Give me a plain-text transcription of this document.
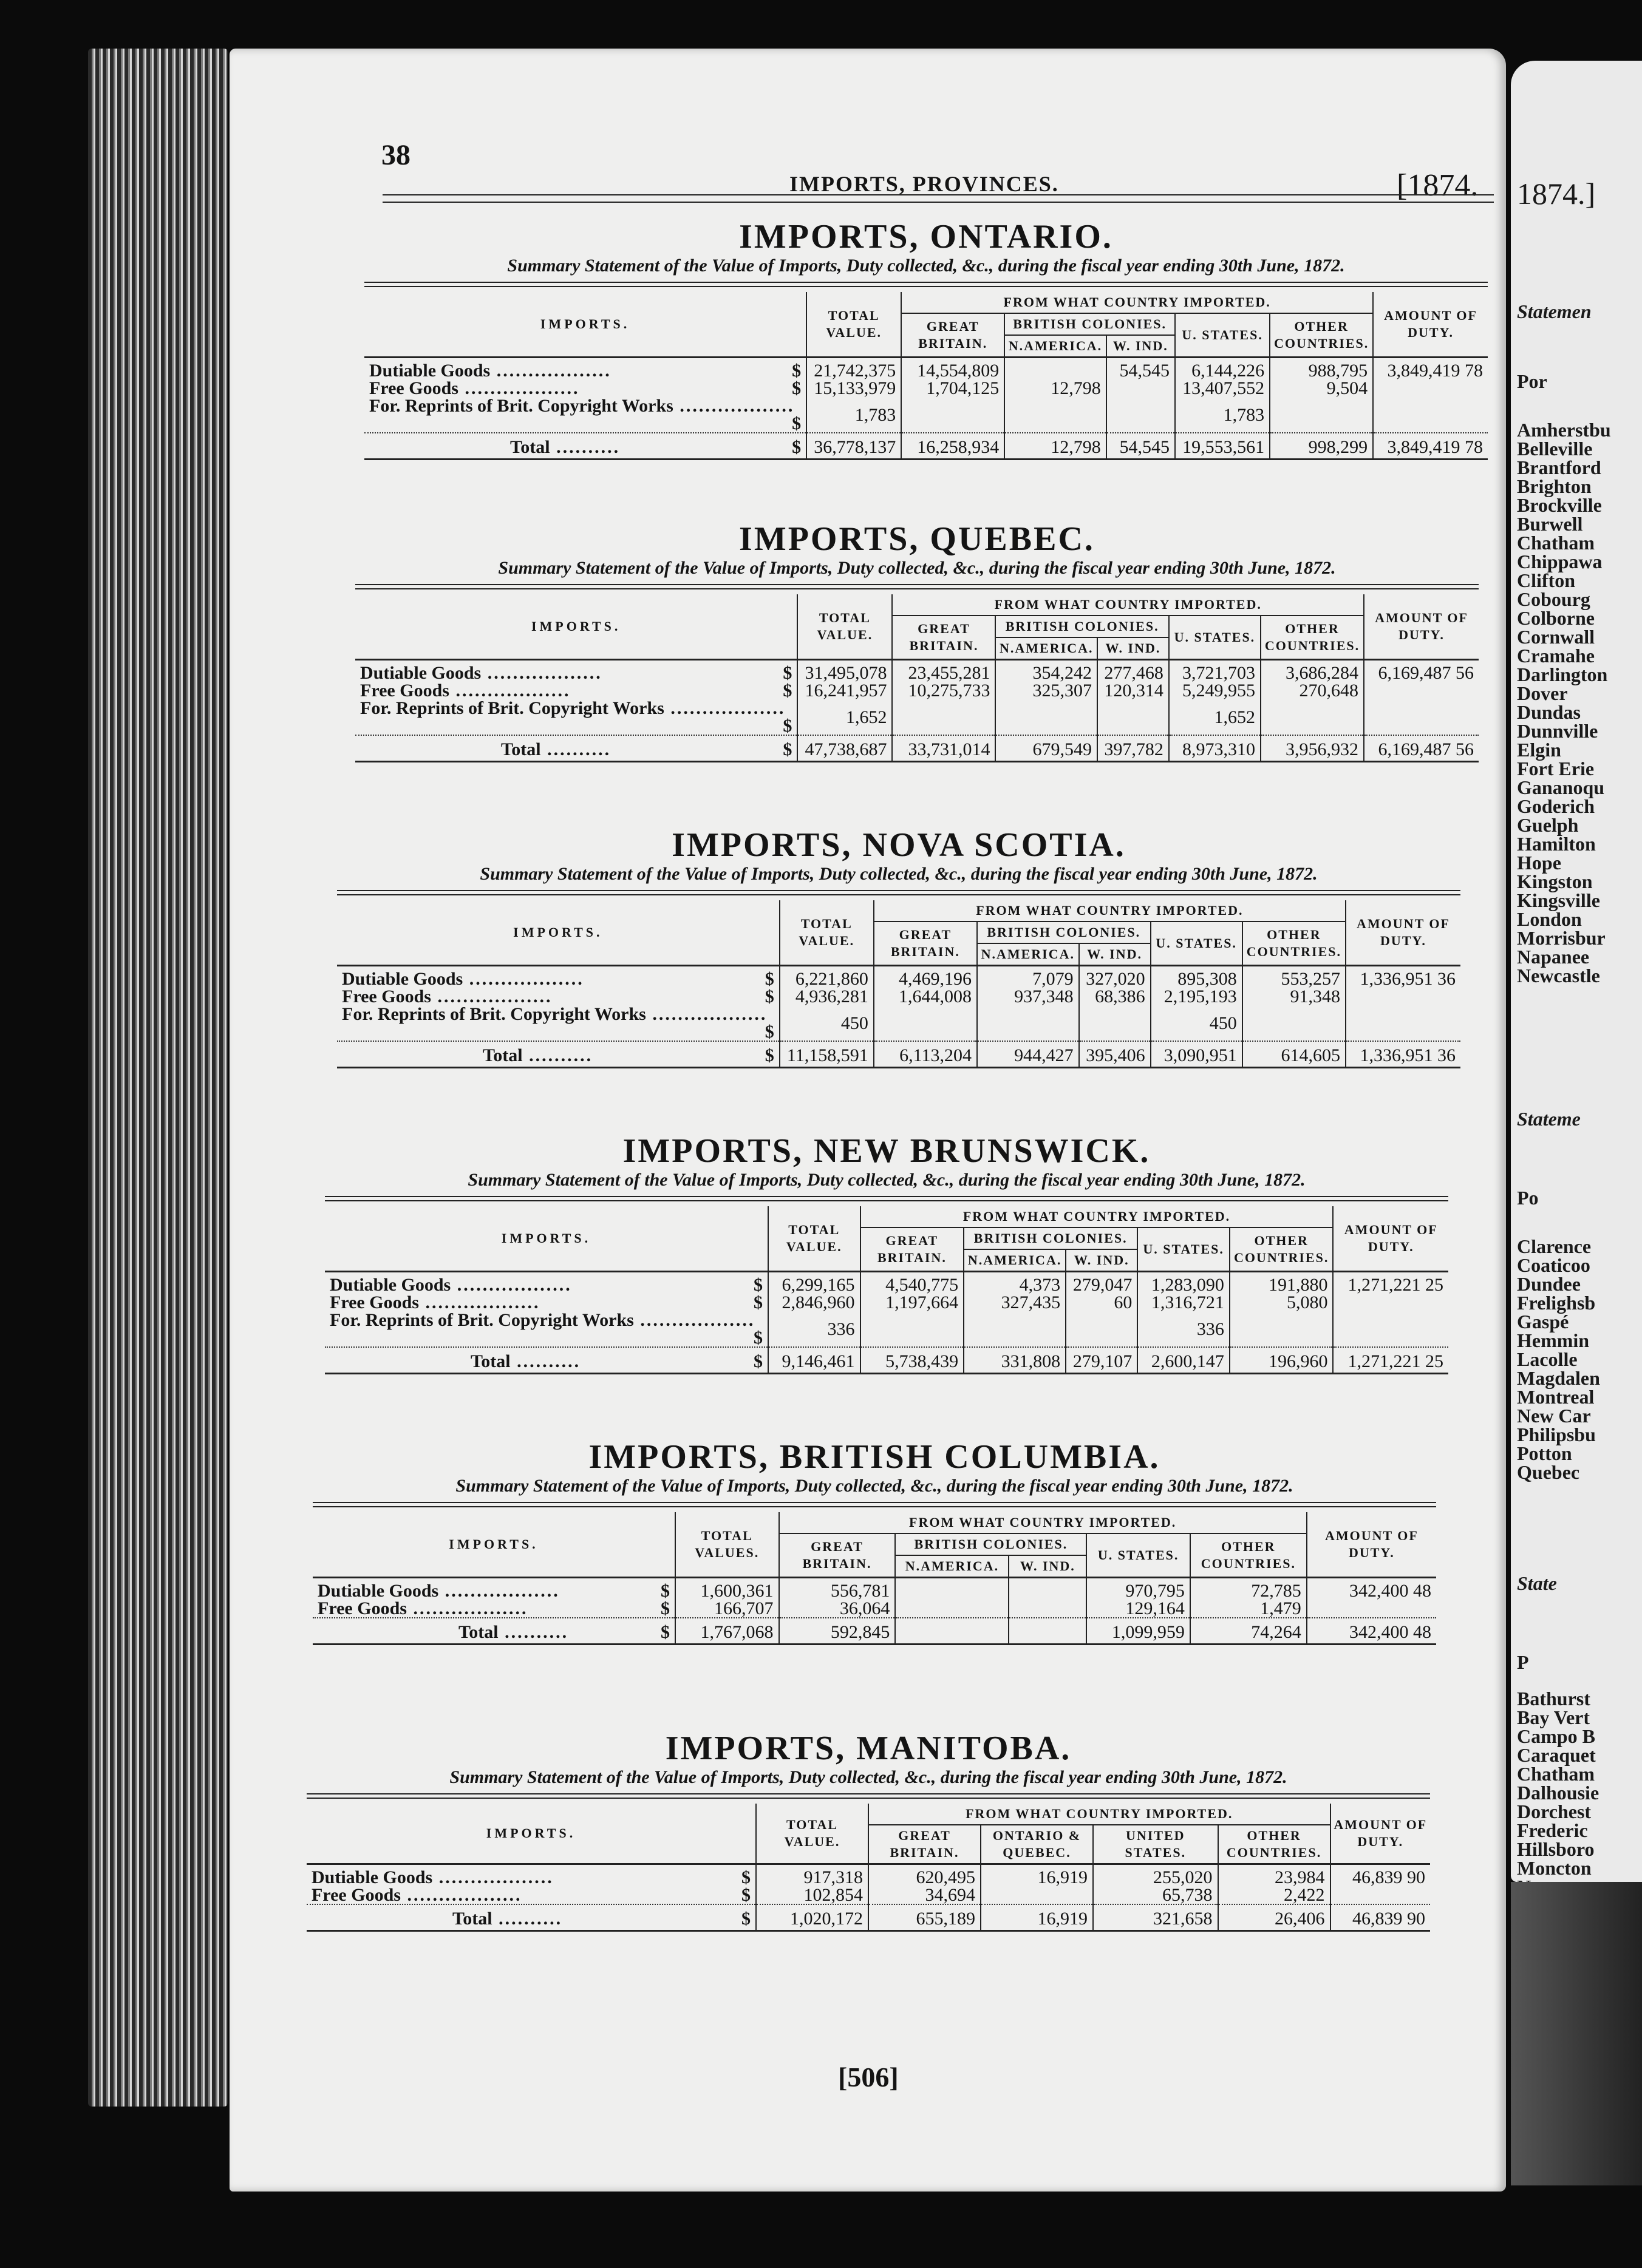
1874.]
Statemen
Por
Amherstbu
Belleville
Brantford
Brighton
Brockville
Burwell
Chatham
Chippawa
Clifton
Cobourg
Colborne
Cornwall
Cramahe
Darlington
Dover
Dundas
Dunnville
Elgin
Fort Erie
Gananoqu
Goderich
Guelph
Hamilton
Hope
Kingston
Kingsville
London
Morrisbur
Napanee
Newcastle
Stateme
Po
Clarence
Coaticoo
Dundee
Frelighsb
Gaspé
Hemmin
Lacolle
Magdalen
Montreal
New Car
Philipsbu
Potton
Quebec
State
P
Bathurst
Bay Vert
Campo B
Caraquet
Chatham
Dalhousie
Dorchest
Frederic
Hillsboro
Moncton
38
IMPORTS, PROVINCES.	[1874.
IMPORTS, ONTARIO.
Summary Statement of the Value of Imports, Duty collected, &c., during the fiscal year ending 30th June, 1872.
IMPORTS.	TOTAL VALUE.	FROM WHAT COUNTRY IMPORTED.					AMOUNT OF DUTY.
		GREAT BRITAIN.	BRITISH COLONIES.		U. STATES.	OTHER COUNTRIES.	
			N.AMERICA.	W. IND.			
Dutiable Goods .................. $	21,742,375	14,554,809		54,545	6,144,226	988,795	3,849,419 78
Free Goods .................. $	15,133,979	1,704,125	12,798		13,407,552	9,504	
For. Reprints of Brit. Copyright Works ..................
$	1,783				1,783		
Total .......... $	36,778,137	16,258,934	12,798	54,545	19,553,561	998,299	3,849,419 78
IMPORTS, QUEBEC.
Summary Statement of the Value of Imports, Duty collected, &c., during the fiscal year ending 30th June, 1872.
IMPORTS.	TOTAL VALUE.	FROM WHAT COUNTRY IMPORTED.					AMOUNT OF DUTY.
		GREAT BRITAIN.	BRITISH COLONIES.		U. STATES.	OTHER COUNTRIES.	
			N.AMERICA.	W. IND.			
Dutiable Goods .................. $	31,495,078	23,455,281	354,242	277,468	3,721,703	3,686,284	6,169,487 56
Free Goods .................. $	16,241,957	10,275,733	325,307	120,314	5,249,955	270,648	
For. Reprints of Brit. Copyright Works ..................
$	1,652				1,652		
Total .......... $	47,738,687	33,731,014	679,549	397,782	8,973,310	3,956,932	6,169,487 56
IMPORTS, NOVA SCOTIA.
Summary Statement of the Value of Imports, Duty collected, &c., during the fiscal year ending 30th June, 1872.
IMPORTS.	TOTAL VALUE.	FROM WHAT COUNTRY IMPORTED.					AMOUNT OF DUTY.
		GREAT BRITAIN.	BRITISH COLONIES.		U. STATES.	OTHER COUNTRIES.	
			N.AMERICA.	W. IND.			
Dutiable Goods .................. $	6,221,860	4,469,196	7,079	327,020	895,308	553,257	1,336,951 36
Free Goods .................. $	4,936,281	1,644,008	937,348	68,386	2,195,193	91,348	
For. Reprints of Brit. Copyright Works ..................
$	450				450		
Total .......... $	11,158,591	6,113,204	944,427	395,406	3,090,951	614,605	1,336,951 36
IMPORTS, NEW BRUNSWICK.
Summary Statement of the Value of Imports, Duty collected, &c., during the fiscal year ending 30th June, 1872.
IMPORTS.	TOTAL VALUE.	FROM WHAT COUNTRY IMPORTED.					AMOUNT OF DUTY.
		GREAT BRITAIN.	BRITISH COLONIES.		U. STATES.	OTHER COUNTRIES.	
			N.AMERICA.	W. IND.			
Dutiable Goods .................. $	6,299,165	4,540,775	4,373	279,047	1,283,090	191,880	1,271,221 25
Free Goods .................. $	2,846,960	1,197,664	327,435	60	1,316,721	5,080	
For. Reprints of Brit. Copyright Works ..................
$	336				336		
Total .......... $	9,146,461	5,738,439	331,808	279,107	2,600,147	196,960	1,271,221 25
IMPORTS, BRITISH COLUMBIA.
Summary Statement of the Value of Imports, Duty collected, &c., during the fiscal year ending 30th June, 1872.
IMPORTS.	TOTAL VALUES.	FROM WHAT COUNTRY IMPORTED.					AMOUNT OF DUTY.
		GREAT BRITAIN.	BRITISH COLONIES.		U. STATES.	OTHER COUNTRIES.	
			N.AMERICA.	W. IND.			
Dutiable Goods .................. $	1,600,361	556,781			970,795	72,785	342,400 48
Free Goods .................. $	166,707	36,064			129,164	1,479	
Total .......... $	1,767,068	592,845			1,099,959	74,264	342,400 48
IMPORTS, MANITOBA.
Summary Statement of the Value of Imports, Duty collected, &c., during the fiscal year ending 30th June, 1872.
IMPORTS.	TOTAL VALUE.	FROM WHAT COUNTRY IMPORTED.				AMOUNT OF DUTY.
		GREAT BRITAIN.	ONTARIO & QUEBEC.	UNITED STATES.	OTHER COUNTRIES.	
Dutiable Goods .................. $	917,318	620,495	16,919	255,020	23,984	46,839 90
Free Goods .................. $	102,854	34,694		65,738	2,422	
Total .......... $	1,020,172	655,189	16,919	321,658	26,406	46,839 90
[506]
